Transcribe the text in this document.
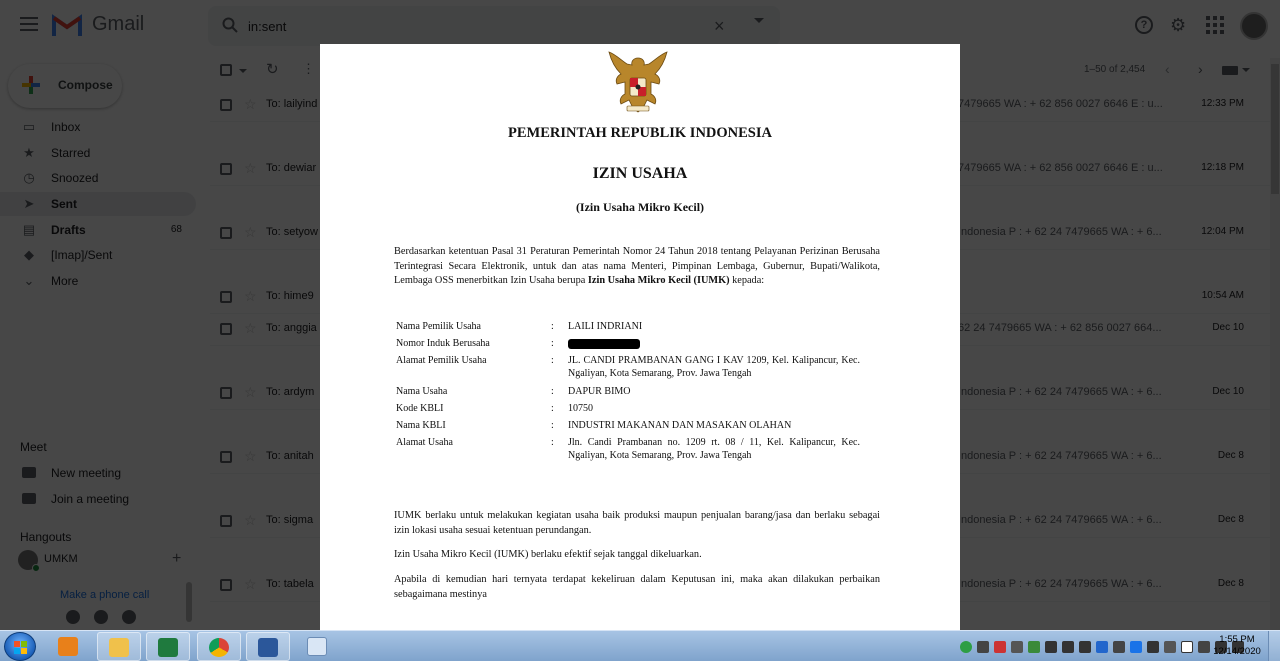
in:sent
PEMERINTAH REPUBLIK INDONESIA
IZIN USAHA
(Izin Usaha Mikro Kecil)
Berdasarkan ketentuan Pasal 31 Peraturan Pemerintah Nomor 24 Tahun 2018 tentang Pelayanan Perizinan Berusaha Terintegrasi Secara Elektronik, untuk dan atas nama Menteri, Pimpinan Lembaga, Gubernur, Bupati/Walikota, Lembaga OSS menerbitkan Izin Usaha berupa Izin Usaha Mikro Kecil (IUMK) kepada:
Nama Pemilik Usaha	: LAILI INDRIANI
Nomor Induk Berusaha	:
Alamat Pemilik Usaha	: JL. CANDI PRAMBANAN GANG I KAV 1209, Kel. Kalipancur, Kec. Ngaliyan, Kota Semarang, Prov. Jawa Tengah
Nama Usaha	: DAPUR BIMO
Kode KBLI	: 10750
Nama KBLI	: INDUSTRI MAKANAN DAN MASAKAN OLAHAN
Alamat Usaha	: Jln. Candi Prambanan no. 1209 rt. 08 / 11, Kel. Kalipancur, Kec. Ngaliyan, Kota Semarang, Prov. Jawa Tengah
IUMK berlaku untuk melakukan kegiatan usaha baik produksi maupun penjualan barang/jasa dan berlaku sebagai izin lokasi usaha sesuai ketentuan perundangan.
Izin Usaha Mikro Kecil (IUMK) berlaku efektif sejak tanggal dikeluarkan.
Apabila di kemudian hari ternyata terdapat kekeliruan dalam Keputusan ini, maka akan dilakukan perbaikan sebagaimana mestinya
1:55 PM
12/14/2020
